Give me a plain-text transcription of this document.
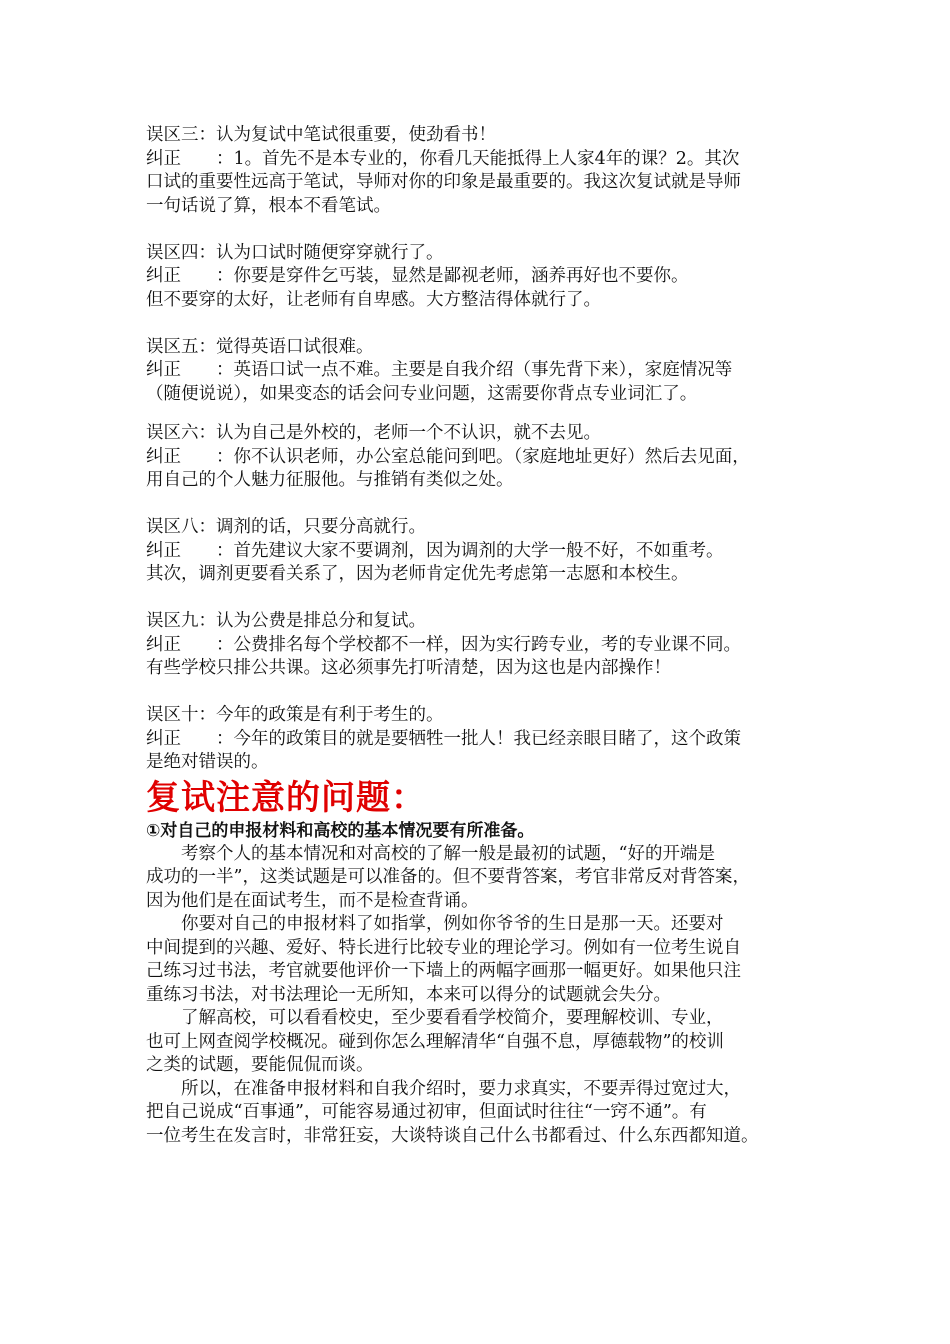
误区三：认为复试中笔试很重要，使劲看书！

纠正　　：1。首先不是本专业的，你看几天能抵得上人家4年的课？2。其次

口试的重要性远高于笔试，导师对你的印象是最重要的。我这次复试就是导师

一句话说了算，根本不看笔试。

误区四：认为口试时随便穿穿就行了。

纠正　　：你要是穿件乞丐装，显然是鄙视老师，涵养再好也不要你。

但不要穿的太好，让老师有自卑感。大方整洁得体就行了。

误区五：觉得英语口试很难。

纠正　　：英语口试一点不难。主要是自我介绍（事先背下来），家庭情况等

（随便说说），如果变态的话会问专业问题，这需要你背点专业词汇了。

误区六：认为自己是外校的，老师一个不认识，就不去见。

纠正　　：你不认识老师，办公室总能问到吧。（家庭地址更好）然后去见面，

用自己的个人魅力征服他。与推销有类似之处。

误区八：调剂的话，只要分高就行。

纠正　　：首先建议大家不要调剂，因为调剂的大学一般不好，不如重考。

其次，调剂更要看关系了，因为老师肯定优先考虑第一志愿和本校生。

误区九：认为公费是排总分和复试。

纠正　　：公费排名每个学校都不一样，因为实行跨专业，考的专业课不同。

有些学校只排公共课。这必须事先打听清楚，因为这也是内部操作！

误区十：今年的政策是有利于考生的。

纠正　　：今年的政策目的就是要牺牲一批人！我已经亲眼目睹了，这个政策

是绝对错误的。

复试注意的问题：

①对自己的申报材料和高校的基本情况要有所准备。

　　考察个人的基本情况和对高校的了解一般是最初的试题，“好的开端是

成功的一半”，这类试题是可以准备的。但不要背答案，考官非常反对背答案，

因为他们是在面试考生，而不是检查背诵。

　　你要对自己的申报材料了如指掌，例如你爷爷的生日是那一天。还要对

中间提到的兴趣、爱好、特长进行比较专业的理论学习。例如有一位考生说自

己练习过书法，考官就要他评价一下墙上的两幅字画那一幅更好。如果他只注

重练习书法，对书法理论一无所知，本来可以得分的试题就会失分。

　　了解高校，可以看看校史，至少要看看学校简介，要理解校训、专业，

也可上网查阅学校概况。碰到你怎么理解清华“自强不息，厚德载物”的校训

之类的试题，要能侃侃而谈。

　　所以，在准备申报材料和自我介绍时，要力求真实，不要弄得过宽过大，

把自己说成“百事通”，可能容易通过初审，但面试时往往“一窍不通”。有

一位考生在发言时，非常狂妄，大谈特谈自己什么书都看过、什么东西都知道。
